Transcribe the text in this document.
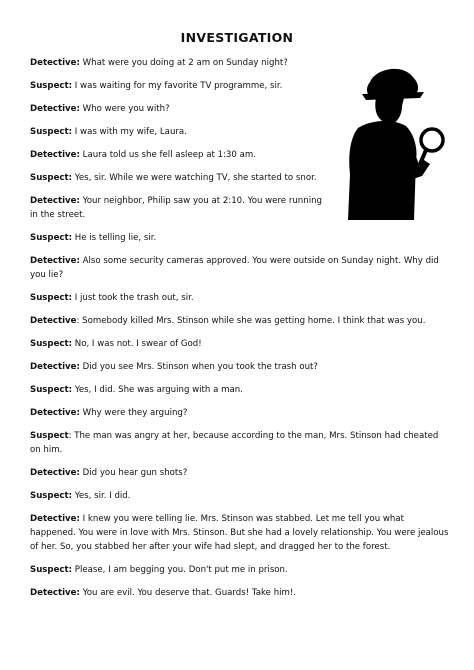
INVESTIGATION

Detective: What were you doing at 2 am on Sunday night?

Suspect: I was waiting for my favorite TV programme, sir.

Detective: Who were you with?

Suspect: I was with my wife, Laura.

Detective: Laura told us she fell asleep at 1:30 am.

Suspect: Yes, sir. While we were watching TV, she started to snor.

Detective: Your neighbor, Philip saw you at 2:10. You were running in the street.

Suspect: He is telling lie, sir.

Detective: Also some security cameras approved. You were outside on Sunday night. Why did you lie?

Suspect: I just took the trash out, sir.

Detective: Somebody killed Mrs. Stinson while she was getting home. I think that was you.

Suspect: No, I was not. I swear of God!

Detective: Did you see Mrs. Stinson when you took the trash out?

Suspect: Yes, I did. She was arguing with a man.

Detective: Why were they arguing?

Suspect: The man was angry at her, because according to the man, Mrs. Stinson had cheated on him.

Detective: Did you hear gun shots?

Suspect: Yes, sir. I did.

Detective: I knew you were telling lie. Mrs. Stinson was stabbed. Let me tell you what happened. You were in love with Mrs. Stinson. But she had a lovely relationship. You were jealous of her. So, you stabbed her after your wife had slept, and dragged her to the forest.

Suspect: Please, I am begging you. Don't put me in prison.

Detective: You are evil. You deserve that. Guards! Take him!.
